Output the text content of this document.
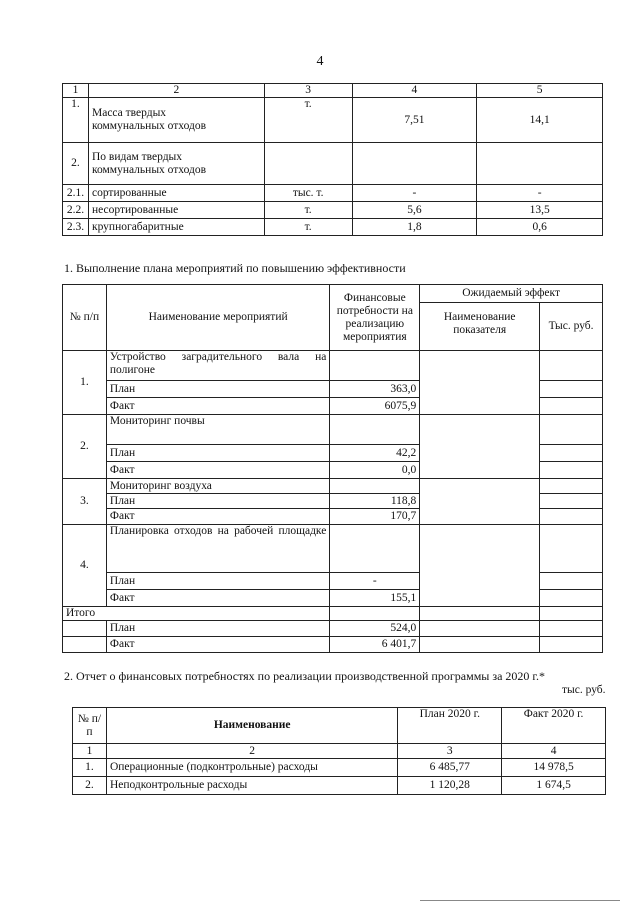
4
1	2	3	4	5
1.	Масса твердых
коммунальных отходов	т.	7,51	14,1
2.	По видам твердых
коммунальных отходов			
2.1.	сортированные	тыс. т.	-	-
2.2.	несортированные	т.	5,6	13,5
2.3.	крупногабаритные	т.	1,8	0,6
1. Выполнение плана мероприятий по повышению эффективности
№ п/п	Наименование мероприятий	Финансовые потребности на реализацию мероприятия	Ожидаемый эффект	
			Наименование показателя	Тыс. руб.
1.	Устройство заградительного вала на полигоне			
	План	363,0		
	Факт	6075,9		
2.	Мониторинг почвы			
	План	42,2		
	Факт	0,0		
3.	Мониторинг воздуха			
	План	118,8		
	Факт	170,7		
4.	Планировка отходов на рабочей площадке			
	План	-		
	Факт	155,1		
Итого				
	План	524,0		
	Факт	6 401,7		
2. Отчет о финансовых потребностях по реализации производственной программы за 2020 г.*
тыс. руб.
№ п/п	Наименование	План 2020 г.	Факт 2020 г.
1	2	3	4
1.	Операционные (подконтрольные) расходы	6 485,77	14 978,5
2.	Неподконтрольные расходы	1 120,28	1 674,5
